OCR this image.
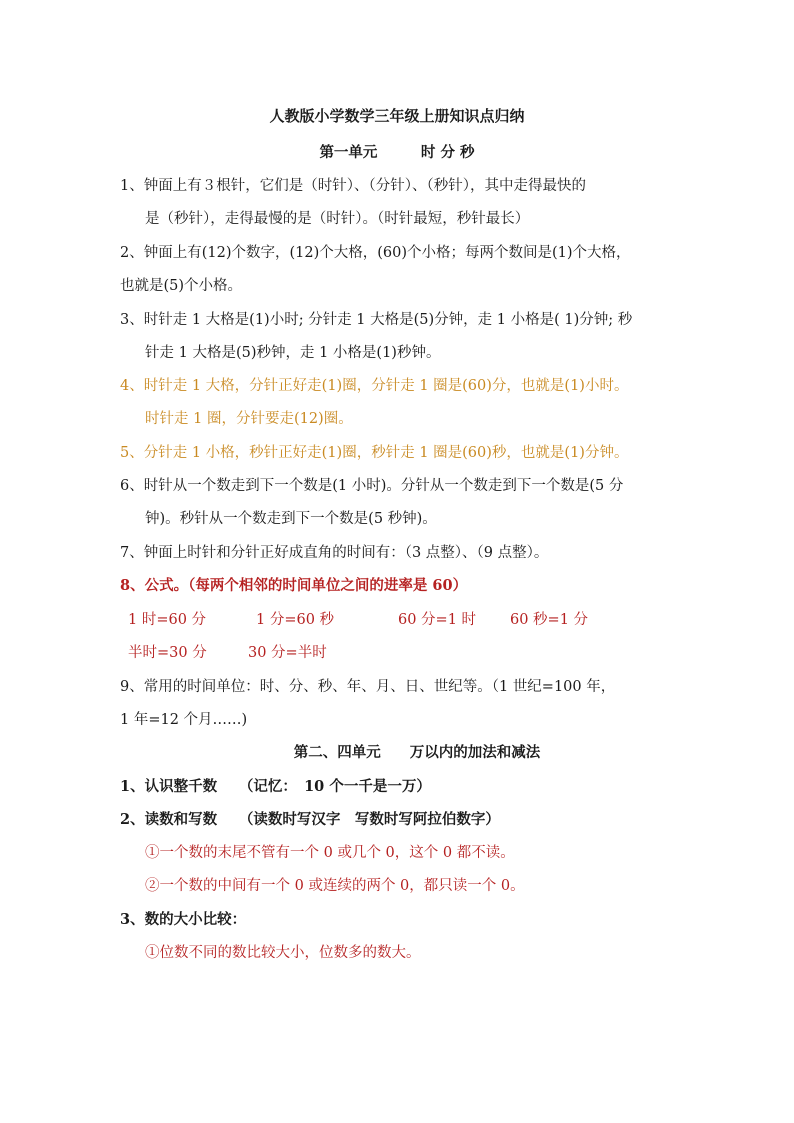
人教版小学数学三年级上册知识点归纳
第一单元　　　时 分 秒
1、钟面上有３根针，它们是（时针）、（分针）、（秒针），其中走得最快的
是（秒针），走得最慢的是（时针）。（时针最短，秒针最长）
2、钟面上有(12)个数字，(12)个大格，(60)个小格；每两个数间是(1)个大格，
也就是(5)个小格。
3、时针走 1 大格是(1)小时; 分针走 1 大格是(5)分钟，走 1 小格是( 1)分钟; 秒
针走 1 大格是(5)秒钟，走 1 小格是(1)秒钟。
4、时针走 1 大格，分针正好走(1)圈，分针走 1 圈是(60)分，也就是(1)小时。
时针走 1 圈，分针要走(12)圈。
5、分针走 1 小格，秒针正好走(1)圈，秒针走 1 圈是(60)秒，也就是(1)分钟。
6、时针从一个数走到下一个数是(1 小时)。分针从一个数走到下一个数是(5 分
钟)。秒针从一个数走到下一个数是(5 秒钟)。
7、钟面上时针和分针正好成直角的时间有：（3 点整）、（9 点整）。
8、公式。（每两个相邻的时间单位之间的进率是 60）
1 时=60 分	1 分=60 秒	60 分=1 时 60 秒=1 分
半时=30 分	30 分=半时
9、常用的时间单位：时、分、秒、年、月、日、世纪等。（1 世纪=100 年，
1 年=12 个月……)
第二、四单元　　万以内的加法和减法
1、认识整千数　　（记忆：　10 个一千是一万）
2、读数和写数　　（读数时写汉字　写数时写阿拉伯数字）
①一个数的末尾不管有一个 0 或几个 0，这个 0 都不读。
②一个数的中间有一个 0 或连续的两个 0，都只读一个 0。
3、数的大小比较：
①位数不同的数比较大小，位数多的数大。
